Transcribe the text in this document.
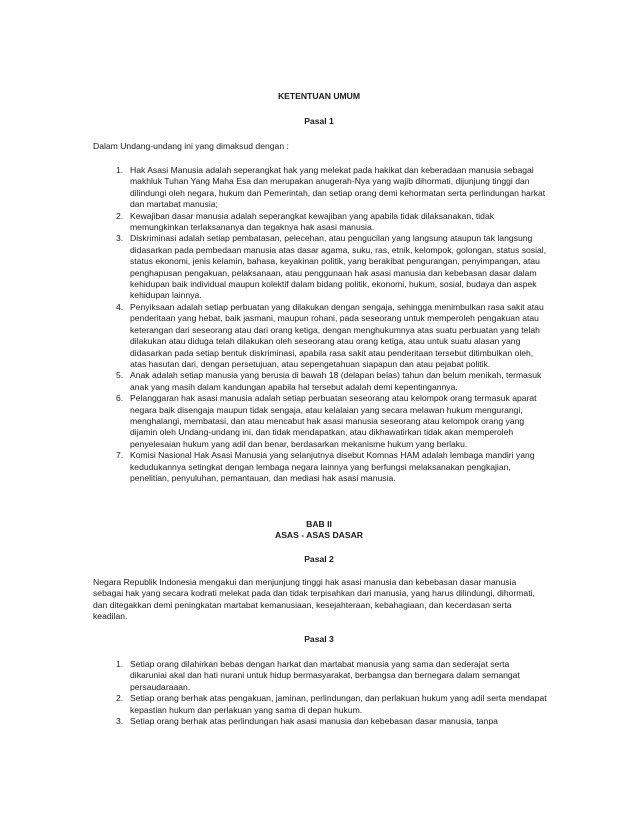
KETENTUAN UMUM
Pasal 1
Dalam Undang-undang ini yang dimaksud dengan :
1. Hak Asasi Manusia adalah seperangkat hak yang melekat pada hakikat dan keberadaan manusia sebagai makhluk Tuhan Yang Maha Esa dan merupakan anugerah-Nya yang wajib dihormati, dijunjung tinggi dan dilindungi oleh negara, hukum dan Pemerintah, dan setiap orang demi kehormatan serta perlindungan harkat dan martabat manusia;
2. Kewajiban dasar manusia adalah seperangkat kewajiban yang apabila tidak dilaksanakan, tidak memungkinkan terlaksananya dan tegaknya hak asasi manusia.
3. Diskriminasi adalah setiap pembatasan, pelecehan, atau pengucilan yang langsung ataupun tak langsung didasarkan pada pembedaan manusia atas dasar agama, suku, ras, etnik, kelompok, golongan, status sosial, status ekonomi, jenis kelamin, bahasa, keyakinan politik, yang berakibat pengurangan, penyimpangan, atau penghapusan pengakuan, pelaksanaan, atau penggunaan hak asasi manusia dan kebebasan dasar dalam kehidupan baik individual maupun kolektif dalam bidang politik, ekonomi, hukum, sosial, budaya dan aspek kehidupan lainnya.
4. Penyiksaan adalah setiap perbuatan yang dilakukan dengan sengaja, sehingga menimbulkan rasa sakit atau penderitaan yang hebat, baik jasmani, maupun rohani, pada seseorang untuk memperoleh pengakuan atau keterangan dari seseorang atau dari orang ketiga, dengan menghukumnya atas suatu perbuatan yang telah dilakukan atau diduga telah dilakukan oleh seseorang atau orang ketiga, atau untuk suatu alasan yang didasarkan pada setiap bentuk diskriminasi, apabila rasa sakit atau penderitaan tersebut ditimbulkan oleh, atas hasutan dari, dengan persetujuan, atau sepengetahuan siapapun dan atau pejabat politik.
5. Anak adalah setiap manusia yang berusia di bawah 18 (delapan belas) tahun dan belum menikah, termasuk anak yang masih dalam kandungan apabila hal tersebut adalah demi kepentingannya.
6. Pelanggaran hak asasi manusia adalah setiap perbuatan seseorang atau kelompok orang termasuk aparat negara baik disengaja maupun tidak sengaja, atau kelalaian yang secara melawan hukum mengurangi, menghalangi, membatasi, dan atau mencabut hak asasi manusia seseorang atau kelompok orang yang dijamin oleh Undang-undang ini, dan tidak mendapatkan, atau dikhawatirkan tidak akan memperoleh penyelesaian hukum yang adil dan benar, berdasarkan mekanisme hukum yang berlaku.
7. Komisi Nasional Hak Asasi Manusia yang selanjutnya disebut Komnas HAM adalah lembaga mandiri yang kedudukannya setingkat dengan lembaga negara lainnya yang berfungsi melaksanakan pengkajian, penelitian, penyuluhan, pemantauan, dan mediasi hak asasi manusia.
BAB II
ASAS - ASAS DASAR
Pasal 2
Negara Republik Indonesia mengakui dan menjunjung tinggi hak asasi manusia dan kebebasan dasar manusia sebagai hak yang secara kodrati melekat pada dan tidak terpisahkan dari manusia, yang harus dilindungi, dihormati, dan ditegakkan demi peningkatan martabat kemanusiaan, kesejahteraan, kebahagiaan, dan kecerdasan serta keadilan.
Pasal 3
1. Setiap orang dilahirkan bebas dengan harkat dan martabat manusia yang sama dan sederajat serta dikaruniai akal dan hati nurani untuk hidup bermasyarakat, berbangsa dan bernegara dalam semangat persaudaraaan.
2. Setiap orang berhak atas pengakuan, jaminan, perlindungan, dan perlakuan hukum yang adil serta mendapat kepastian hukum dan perlakuan yang sama di depan hukum.
3. Setiap orang berhak atas perlindungan hak asasi manusia dan kebebasan dasar manusia, tanpa
